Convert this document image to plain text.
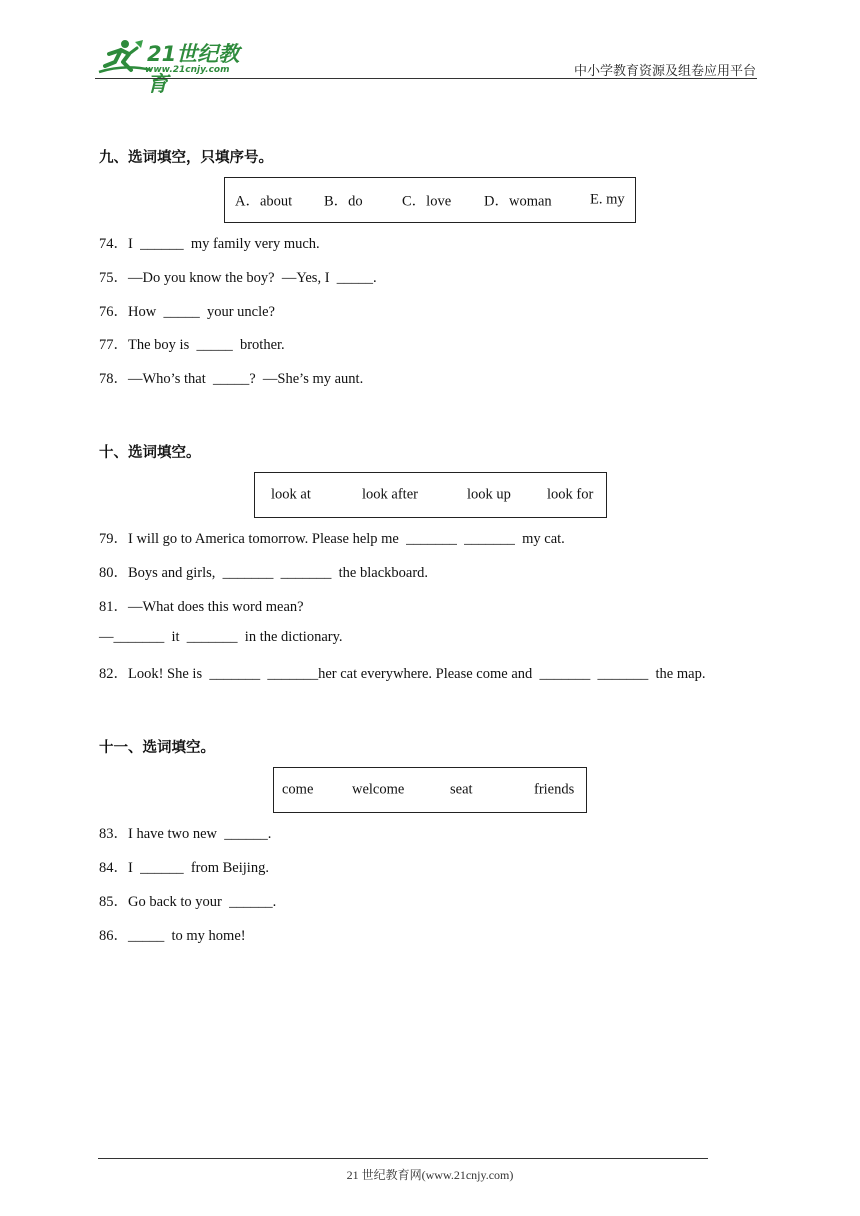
21世纪教育
www.21cnjy.com	中小学教育资源及组卷应用平台
九、选词填空，只填序号。
A．about B．do	C．love D．woman	E. my
74．I  ______  my family very much.
75．—Do you know the boy?  —Yes, I  _____.
76．How  _____  your uncle?
77．The boy is  _____  brother.
78．—Who’s that  _____?  —She’s my aunt.
十、选词填空。
look at	look after	look up look for
79．I will go to America tomorrow. Please help me  _______  _______  my cat.
80．Boys and girls,  _______  _______  the blackboard.
81．—What does this word mean?
—_______  it  _______  in the dictionary.
82．Look! She is  _______  _______her cat everywhere. Please come and  _______  _______  the map.
十一、选词填空。
come	welcome	seat	friends
83．I have two new  ______.
84．I  ______  from Beijing.
85．Go back to your  ______.
86．_____  to my home!
21 世纪教育网(www.21cnjy.com)
